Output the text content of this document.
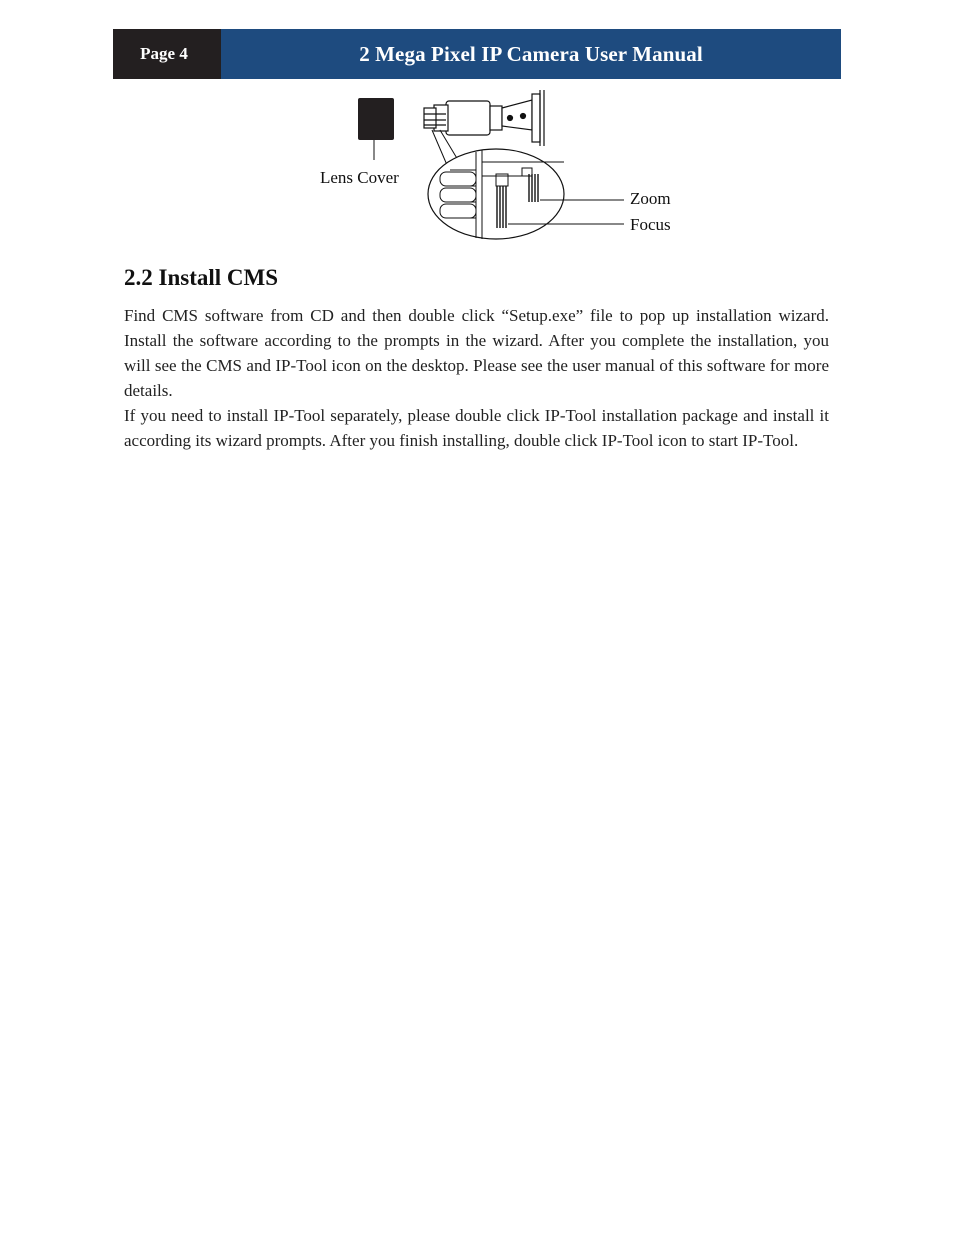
Page 4	2 Mega Pixel IP Camera User Manual
Lens Cover
Zoom
Focus
2.2 Install CMS

Find CMS software from CD and then double click “Setup.exe” file to pop up installation wizard. Install the software according to the prompts in the wizard. After you complete the installation, you will see the CMS and IP-Tool icon on the desktop. Please see the user manual of this software for more details.

If you need to install IP-Tool separately, please double click IP-Tool installation package and install it according its wizard prompts. After you finish installing, double click IP-Tool icon to start IP-Tool.
